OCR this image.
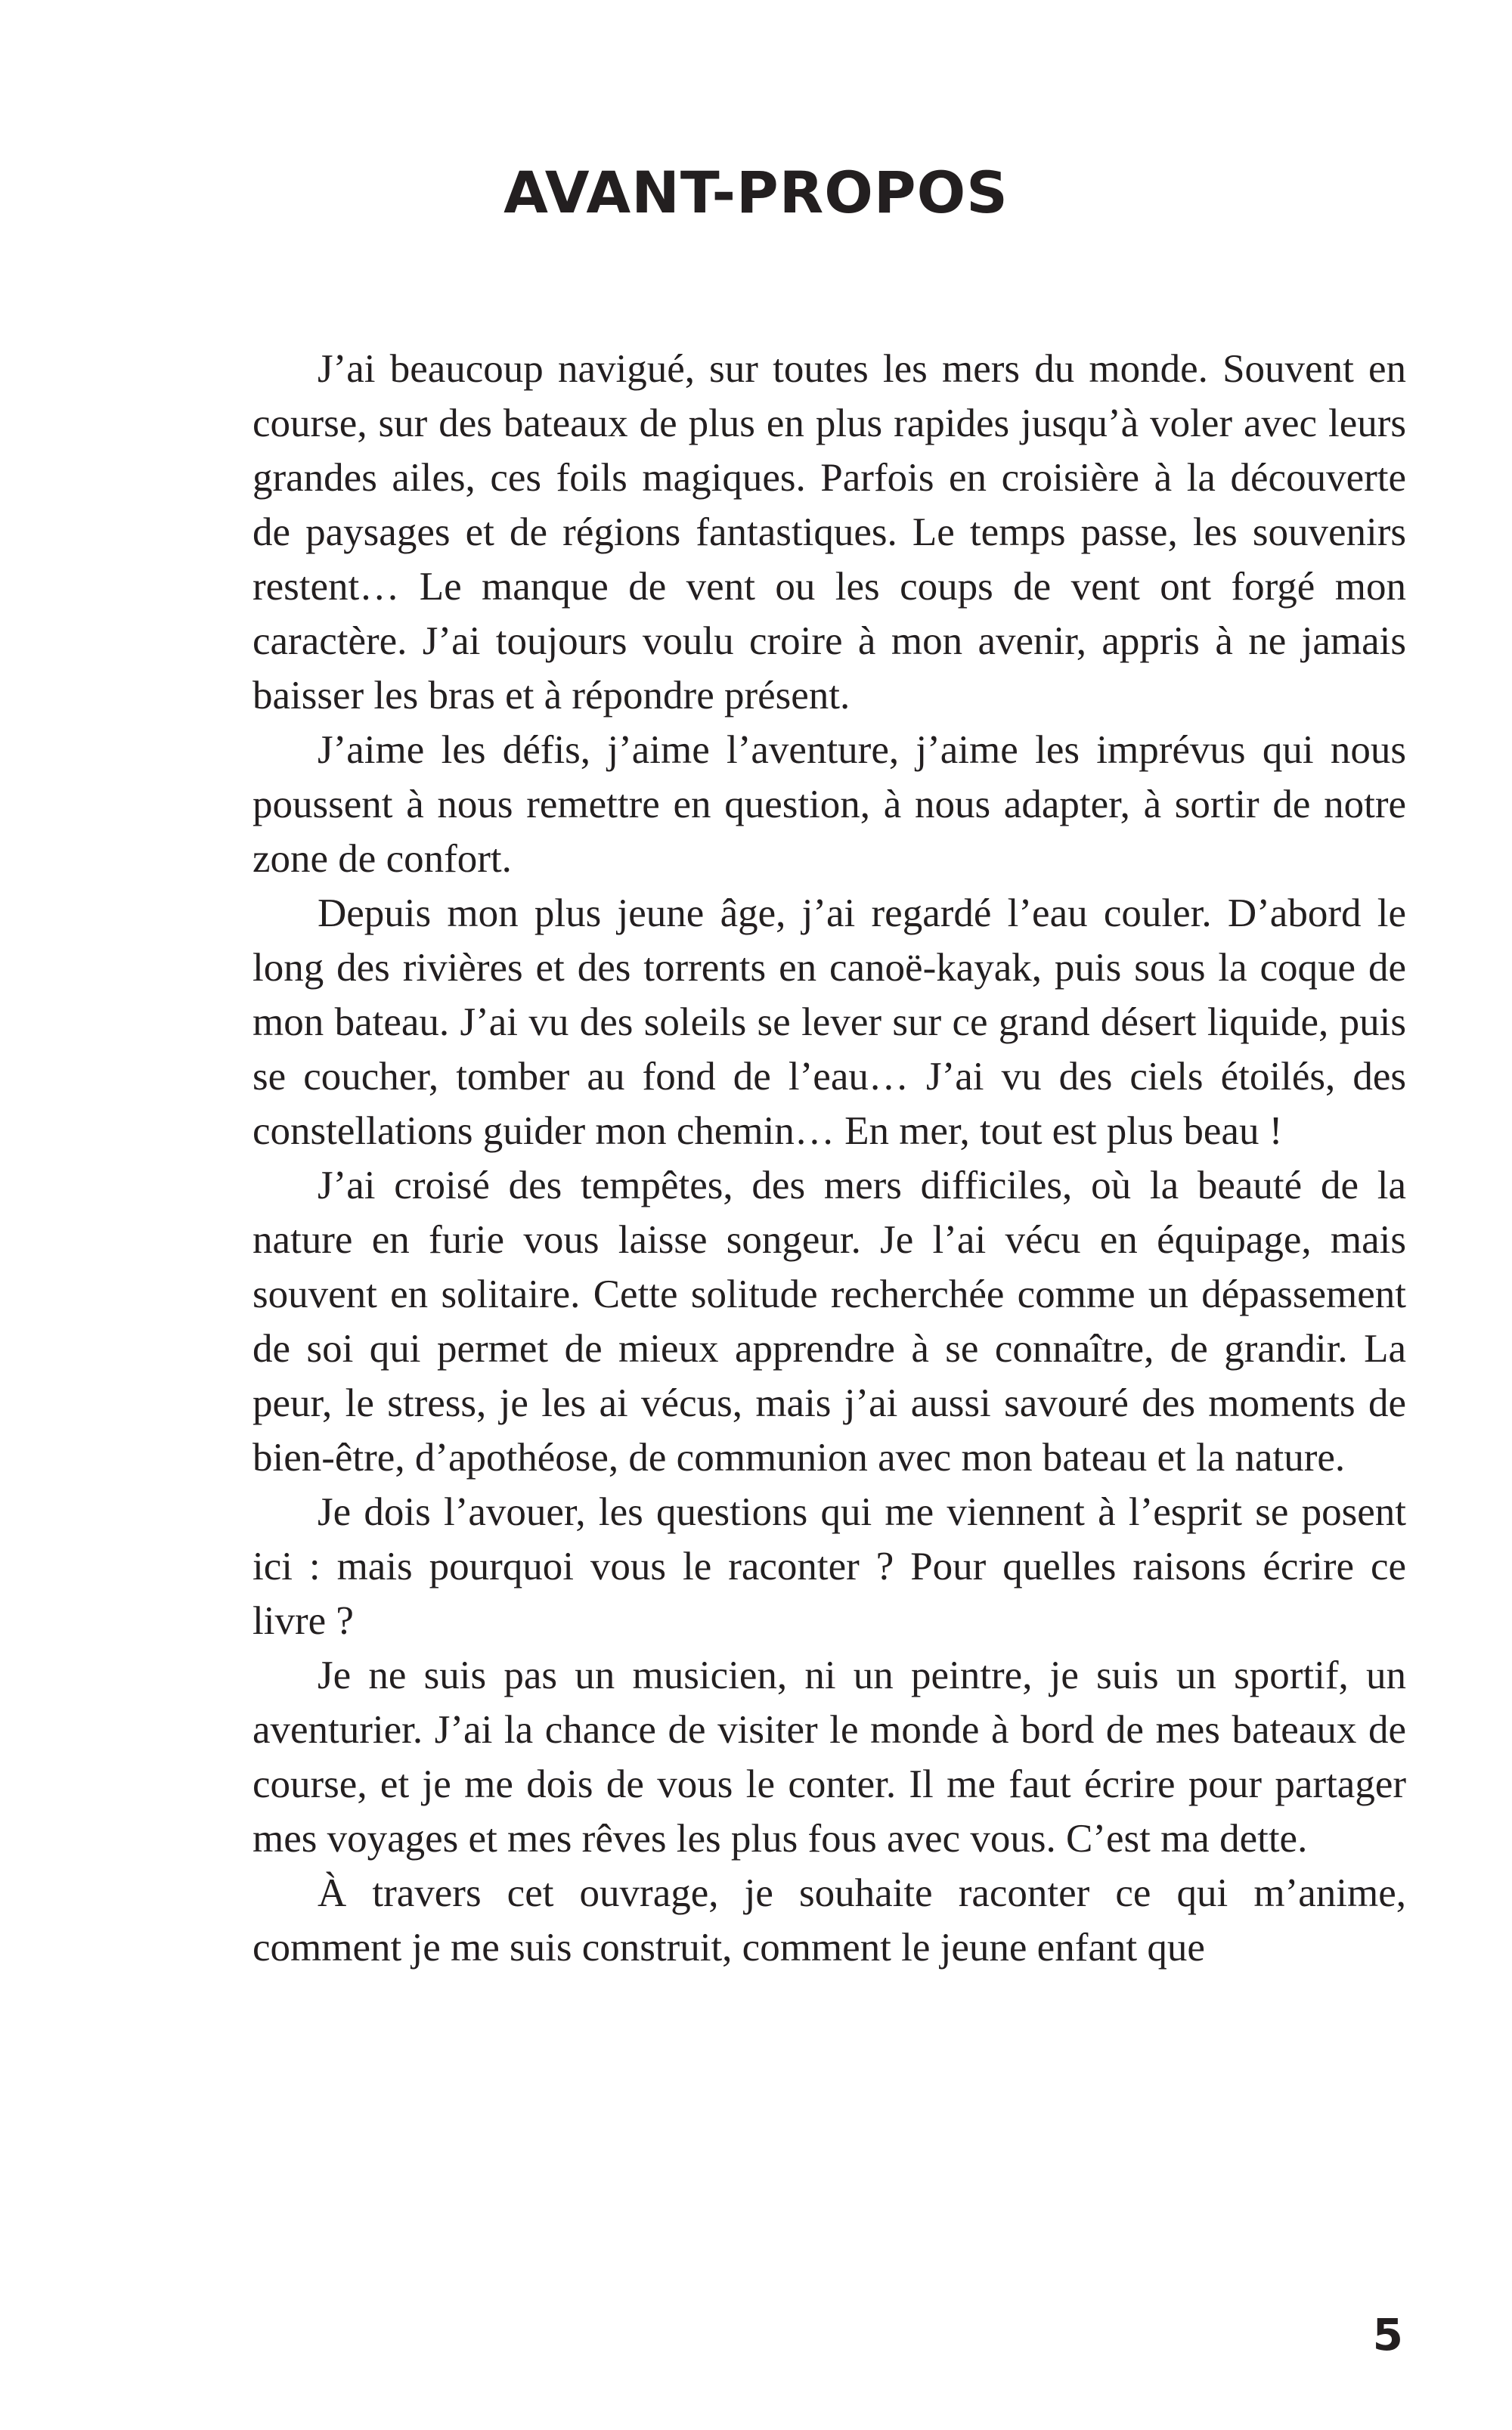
AVANT-PROPOS

J’ai beaucoup navigué, sur toutes les mers du monde. Souvent en course, sur des bateaux de plus en plus rapides jusqu’à voler avec leurs grandes ailes, ces foils magiques. Parfois en croisière à la découverte de paysages et de régions fantastiques. Le temps passe, les souvenirs restent… Le manque de vent ou les coups de vent ont forgé mon caractère. J’ai toujours voulu croire à mon avenir, appris à ne jamais baisser les bras et à répondre présent.

J’aime les défis, j’aime l’aventure, j’aime les imprévus qui nous poussent à nous remettre en question, à nous adapter, à sortir de notre zone de confort.

Depuis mon plus jeune âge, j’ai regardé l’eau couler. D’abord le long des rivières et des torrents en canoë-kayak, puis sous la coque de mon bateau. J’ai vu des soleils se lever sur ce grand désert liquide, puis se coucher, tomber au fond de l’eau… J’ai vu des ciels étoilés, des constellations guider mon chemin… En mer, tout est plus beau !

J’ai croisé des tempêtes, des mers difficiles, où la beauté de la nature en furie vous laisse songeur. Je l’ai vécu en équipage, mais souvent en solitaire. Cette solitude recherchée comme un dépassement de soi qui permet de mieux apprendre à se connaître, de grandir. La peur, le stress, je les ai vécus, mais j’ai aussi savouré des moments de bien-être, d’apothéose, de communion avec mon bateau et la nature.

Je dois l’avouer, les questions qui me viennent à l’esprit se posent ici : mais pourquoi vous le raconter ? Pour quelles raisons écrire ce livre ?

Je ne suis pas un musicien, ni un peintre, je suis un sportif, un aventurier. J’ai la chance de visiter le monde à bord de mes bateaux de course, et je me dois de vous le conter. Il me faut écrire pour partager mes voyages et mes rêves les plus fous avec vous. C’est ma dette.

À travers cet ouvrage, je souhaite raconter ce qui m’anime, comment je me suis construit, comment le jeune enfant que

5
